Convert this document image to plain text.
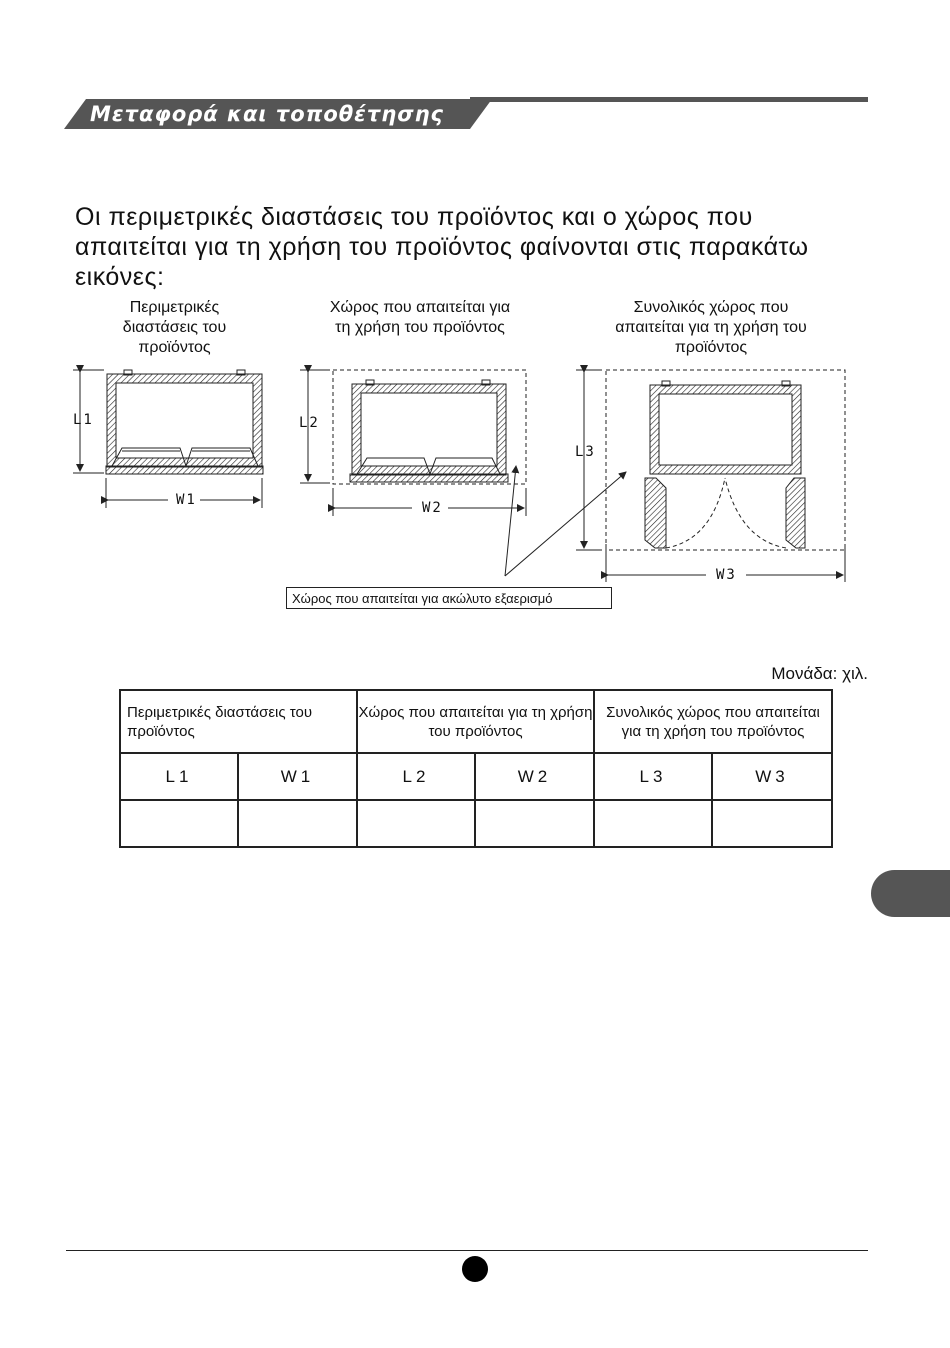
Μεταφορά και τοποθέτησης

Οι περιμετρικές διαστάσεις του προϊόντος και ο χώρος που απαιτείται για τη χρήση του προϊόντος φαίνονται στις παρακάτω εικόνες:

Περιμετρικές
διαστάσεις του
προϊόντος
Χώρος που απαιτείται για
τη χρήση του προϊόντος
Συνολικός χώρος που
απαιτείται για τη χρήση του
προϊόντος
L1
W1
L2
W2
L3
W3
Χώρος που απαιτείται για ακώλυτο εξαερισμό
Μονάδα: χιλ.
Περιμετρικές διαστάσεις του προϊόντος		Χώρος που απαιτείται για τη χρήση του προϊόντος		Συνολικός χώρος που απαιτείται για τη χρήση του προϊόντος	
L1	W1	L2	W2	L3	W3
